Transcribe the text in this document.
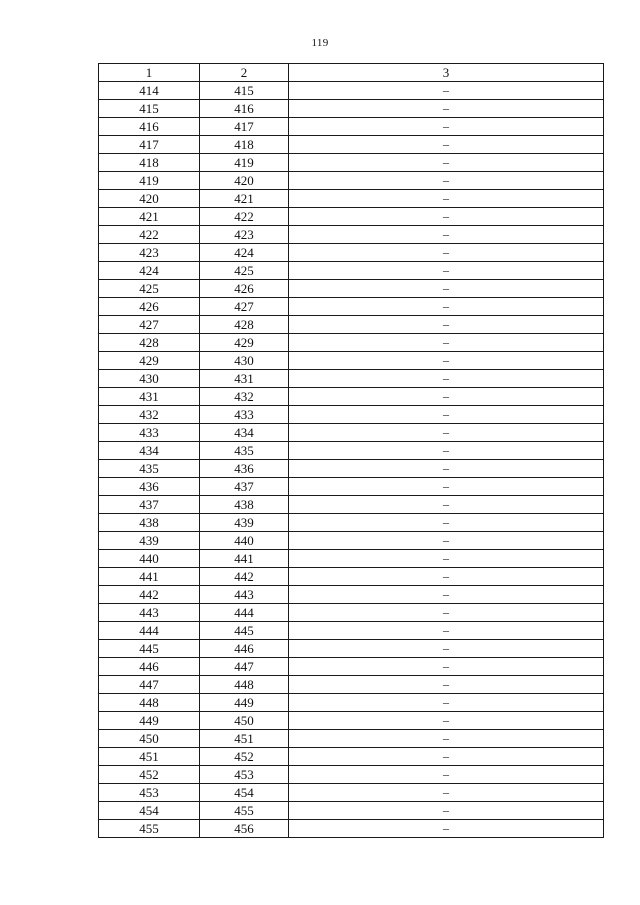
119
1	2	3
414	415	–
415	416	–
416	417	–
417	418	–
418	419	–
419	420	–
420	421	–
421	422	–
422	423	–
423	424	–
424	425	–
425	426	–
426	427	–
427	428	–
428	429	–
429	430	–
430	431	–
431	432	–
432	433	–
433	434	–
434	435	–
435	436	–
436	437	–
437	438	–
438	439	–
439	440	–
440	441	–
441	442	–
442	443	–
443	444	–
444	445	–
445	446	–
446	447	–
447	448	–
448	449	–
449	450	–
450	451	–
451	452	–
452	453	–
453	454	–
454	455	–
455	456	–
